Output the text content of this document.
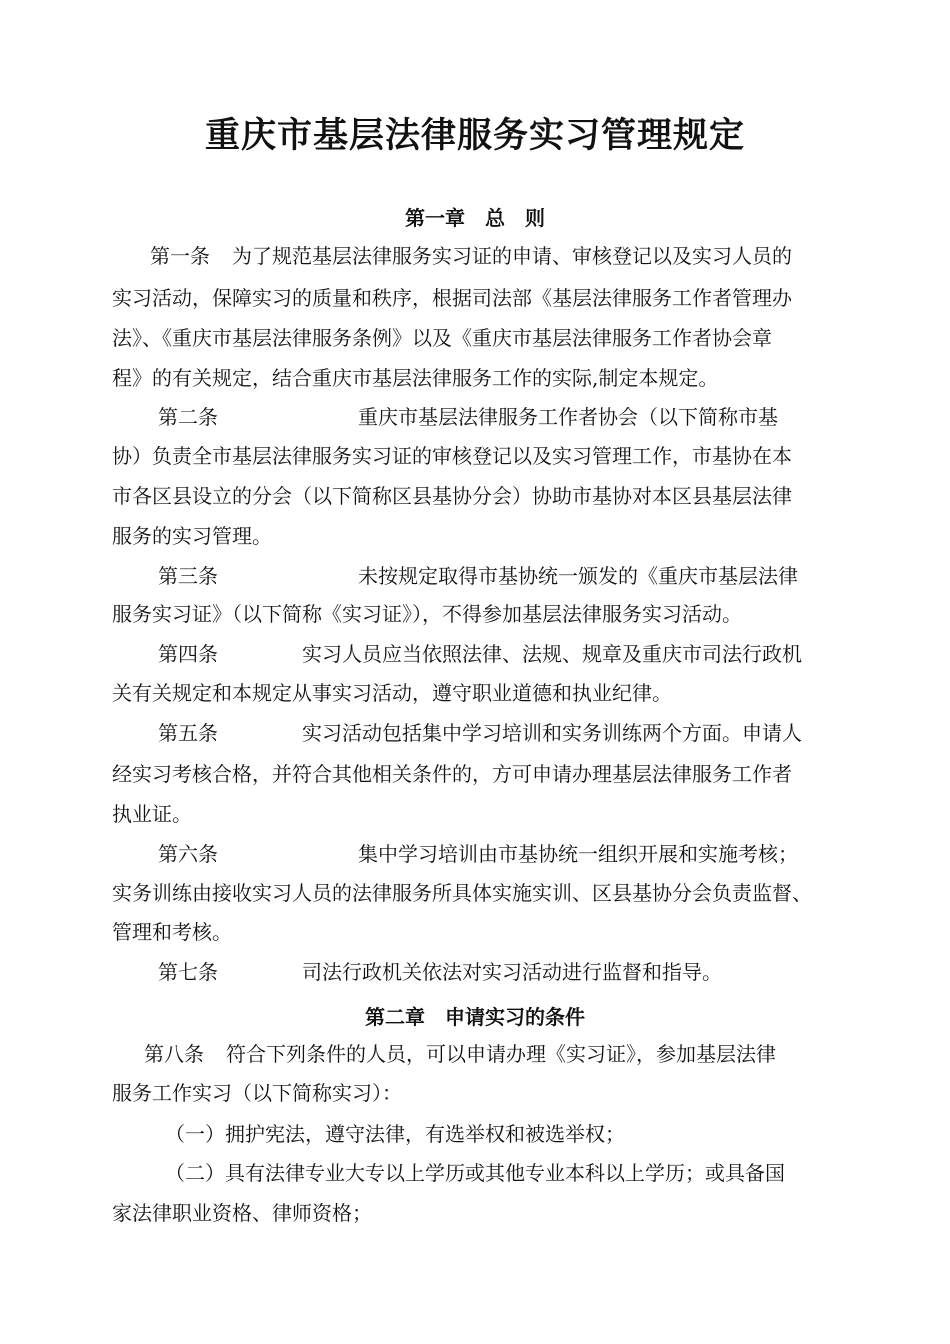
重庆市基层法律服务实习管理规定
第一章　总　则
第一条 为了规范基层法律服务实习证的申请、审核登记以及实习人员的
实习活动，保障实习的质量和秩序，根据司法部《基层法律服务工作者管理办
法》、《重庆市基层法律服务条例》以及《重庆市基层法律服务工作者协会章
程》的有关规定，结合重庆市基层法律服务工作的实际,制定本规定。
第二条	重庆市基层法律服务工作者协会（以下简称市基
协）负责全市基层法律服务实习证的审核登记以及实习管理工作，市基协在本
市各区县设立的分会（以下简称区县基协分会）协助市基协对本区县基层法律
服务的实习管理。
第三条	未按规定取得市基协统一颁发的《重庆市基层法律
服务实习证》（以下简称《实习证》），不得参加基层法律服务实习活动。
第四条	实习人员应当依照法律、法规、规章及重庆市司法行政机
关有关规定和本规定从事实习活动，遵守职业道德和执业纪律。
第五条	实习活动包括集中学习培训和实务训练两个方面。申请人
经实习考核合格，并符合其他相关条件的，方可申请办理基层法律服务工作者
执业证。
第六条	集中学习培训由市基协统一组织开展和实施考核；
实务训练由接收实习人员的法律服务所具体实施实训、区县基协分会负责监督、
管理和考核。
第七条	司法行政机关依法对实习活动进行监督和指导。
第二章　申请实习的条件
第八条 符合下列条件的人员，可以申请办理《实习证》，参加基层法律
服务工作实习（以下简称实习）：
（一）拥护宪法，遵守法律，有选举权和被选举权；
（二）具有法律专业大专以上学历或其他专业本科以上学历；或具备国
家法律职业资格、律师资格；
